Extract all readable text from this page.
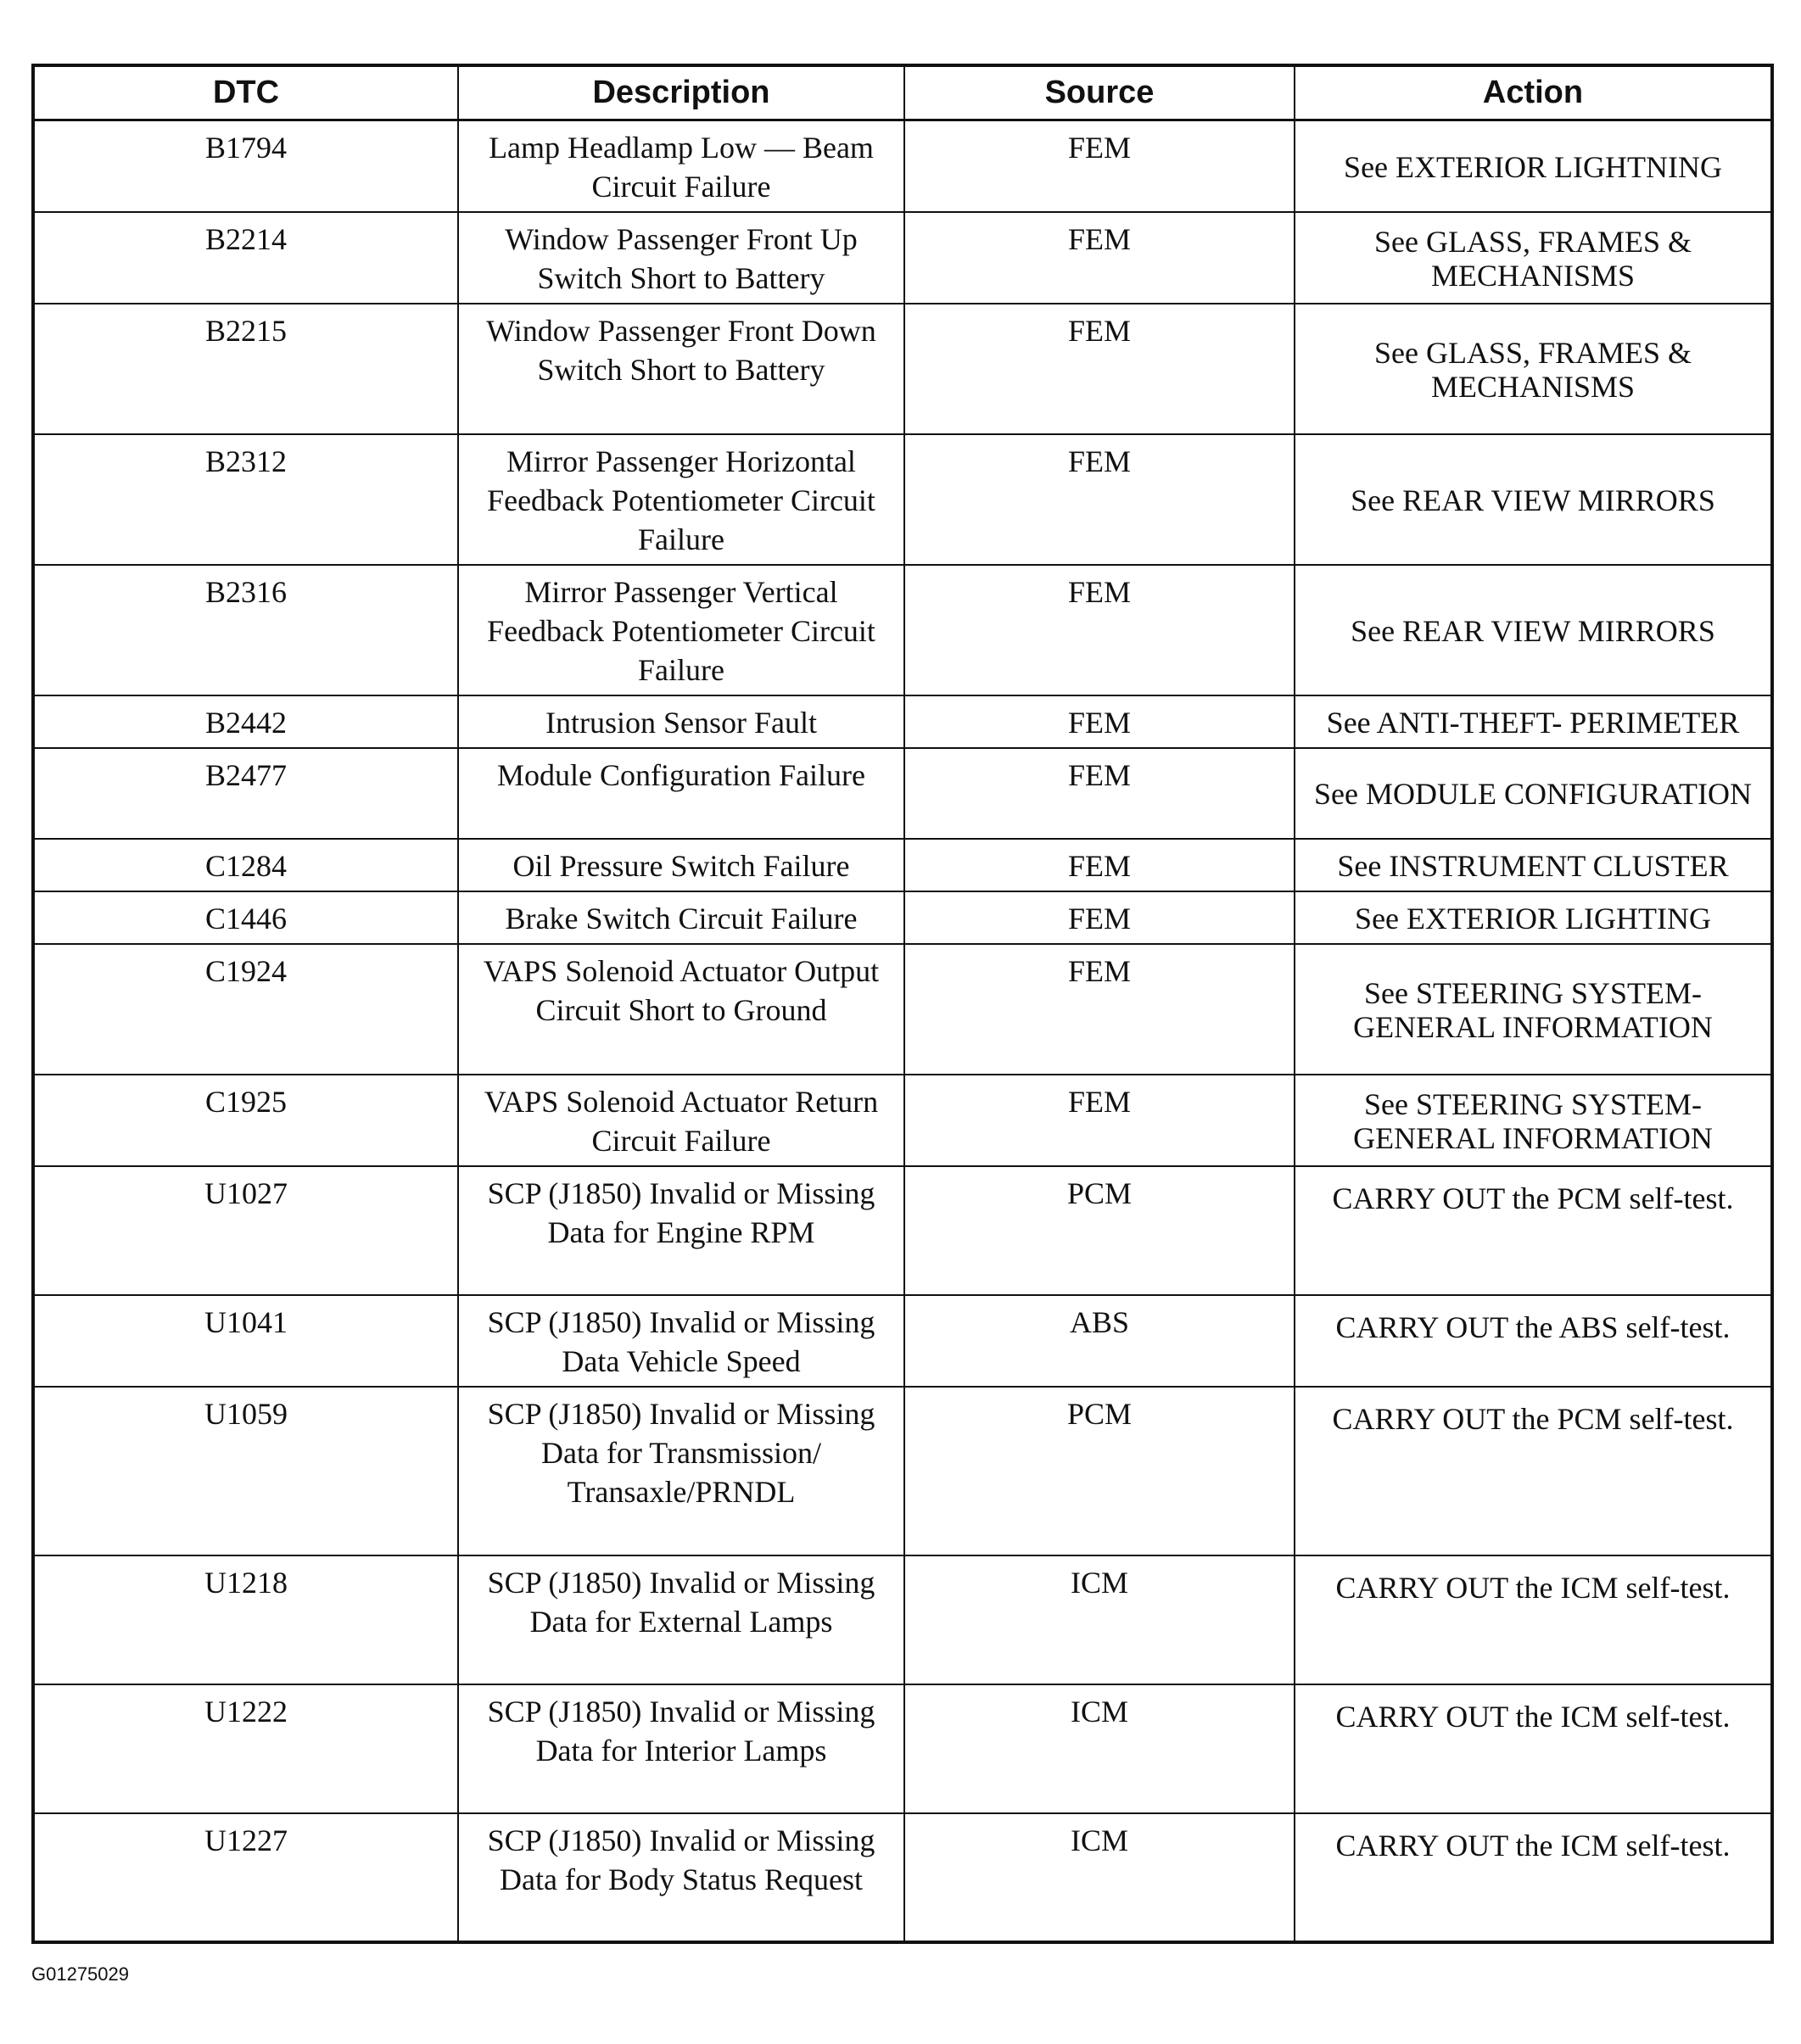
DTC	Description	Source	Action
B1794	Lamp Headlamp Low — Beam Circuit Failure	FEM	See EXTERIOR LIGHTNING
B2214	Window Passenger Front Up Switch Short to Battery	FEM	See GLASS, FRAMES & MECHANISMS
B2215	Window Passenger Front Down Switch Short to Battery	FEM	See GLASS, FRAMES & MECHANISMS
B2312	Mirror Passenger Horizontal Feedback Potentiometer Circuit Failure	FEM	See REAR VIEW MIRRORS
B2316	Mirror Passenger Vertical Feedback Potentiometer Circuit Failure	FEM	See REAR VIEW MIRRORS
B2442	Intrusion Sensor Fault	FEM	See ANTI-THEFT- PERIMETER
B2477	Module Configuration Failure	FEM	See MODULE CONFIGURATION
C1284	Oil Pressure Switch Failure	FEM	See INSTRUMENT CLUSTER
C1446	Brake Switch Circuit Failure	FEM	See EXTERIOR LIGHTING
C1924	VAPS Solenoid Actuator Output Circuit Short to Ground	FEM	See STEERING SYSTEM- GENERAL INFORMATION
C1925	VAPS Solenoid Actuator Return Circuit Failure	FEM	See STEERING SYSTEM- GENERAL INFORMATION
U1027	SCP (J1850) Invalid or Missing Data for Engine RPM	PCM	CARRY OUT the PCM self-test.
U1041	SCP (J1850) Invalid or Missing Data Vehicle Speed	ABS	CARRY OUT the ABS self-test.
U1059	SCP (J1850) Invalid or Missing Data for Transmission/ Transaxle/PRNDL	PCM	CARRY OUT the PCM self-test.
U1218	SCP (J1850) Invalid or Missing Data for External Lamps	ICM	CARRY OUT the ICM self-test.
U1222	SCP (J1850) Invalid or Missing Data for Interior Lamps	ICM	CARRY OUT the ICM self-test.
U1227	SCP (J1850) Invalid or Missing Data for Body Status Request	ICM	CARRY OUT the ICM self-test.
G01275029
